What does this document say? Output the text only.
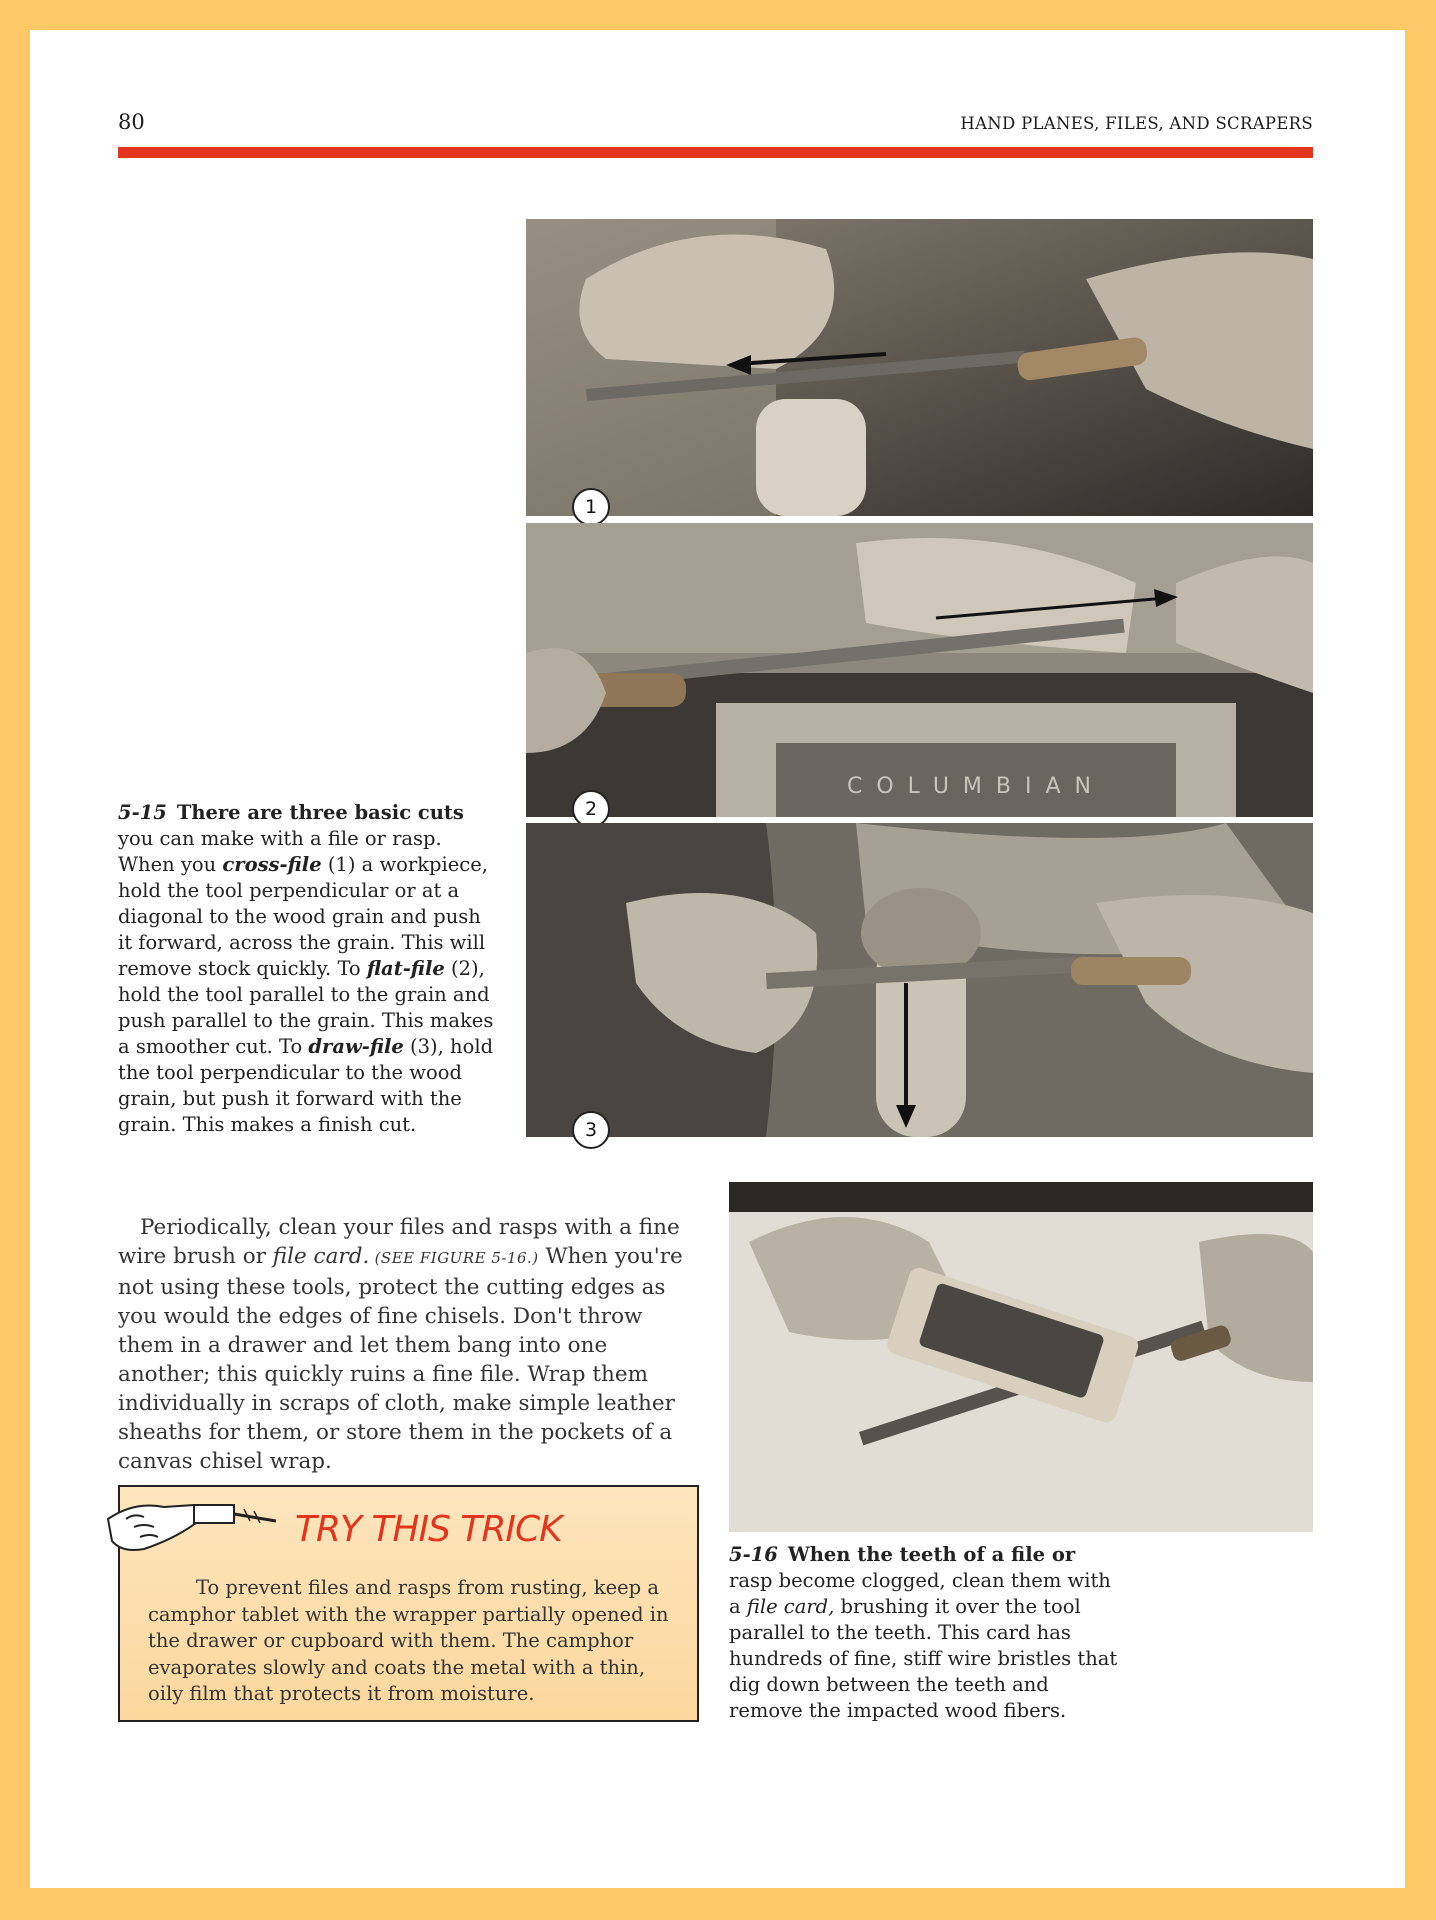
80	HAND PLANES, FILES, AND SCRAPERS
1
COLUMBIAN
2
3
5-15 There are three basic cuts you can make with a file or rasp. When you cross-file (1) a workpiece, hold the tool perpendicular or at a diagonal to the wood grain and push it forward, across the grain. This will remove stock quickly. To flat-file (2), hold the tool parallel to the grain and push parallel to the grain. This makes a smoother cut. To draw-file (3), hold the tool perpendicular to the wood grain, but push it forward with the grain. This makes a finish cut.
Periodically, clean your files and rasps with a fine wire brush or file card. (SEE FIGURE 5-16.) When you're not using these tools, protect the cutting edges as you would the edges of fine chisels. Don't throw them in a drawer and let them bang into one another; this quickly ruins a fine file. Wrap them individually in scraps of cloth, make simple leather sheaths for them, or store them in the pockets of a canvas chisel wrap.
5-16 When the teeth of a file or rasp become clogged, clean them with a file card, brushing it over the tool parallel to the teeth. This card has hundreds of fine, stiff wire bristles that dig down between the teeth and remove the impacted wood fibers.
TRY THIS TRICK
To prevent files and rasps from rusting, keep a camphor tablet with the wrapper partially opened in the drawer or cupboard with them. The camphor evaporates slowly and coats the metal with a thin, oily film that protects it from moisture.
